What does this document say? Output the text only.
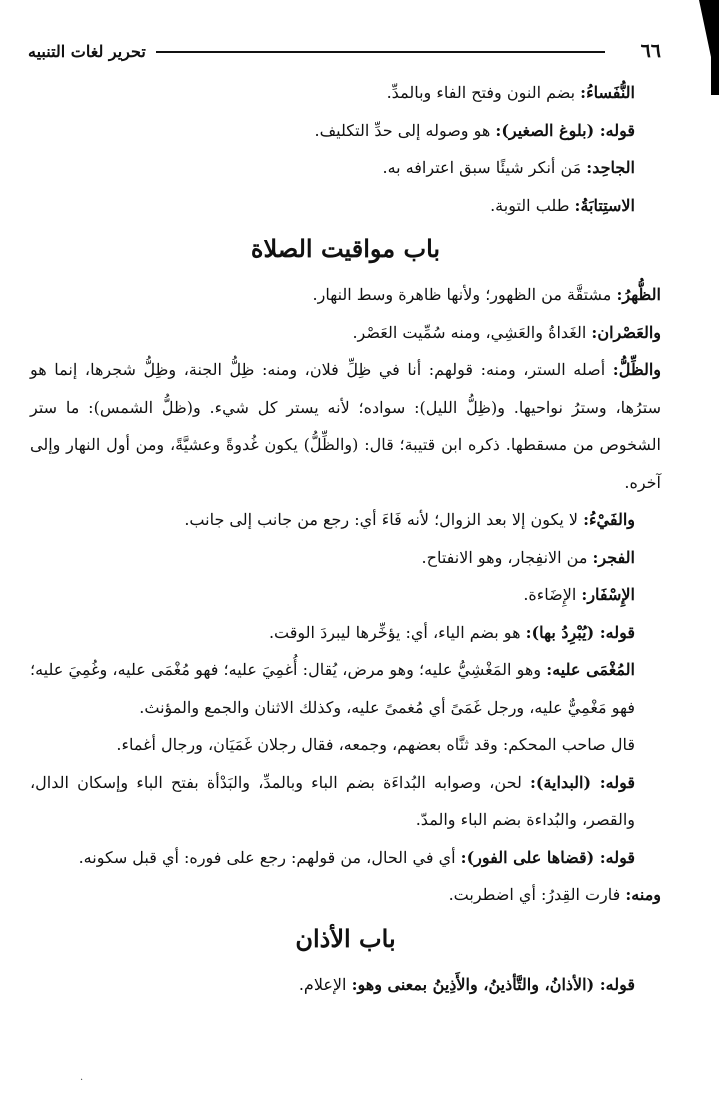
٦٦
تحرير لغات التنبيه

النُّفَساءُ: بضم النون وفتح الفاء وبالمدِّ.

قوله: (بلوغ الصغير): هو وصوله إلى حدِّ التكليف.

الجاحِد: مَن أنكر شيئًا سبق اعترافه به.

الاستِتابَةُ: طلب التوبة.

باب مواقيت الصلاة

الظُّهرُ: مشتقَّة من الظهور؛ ولأنها ظاهرة وسط النهار.

والعَصْران: الغَداةُ والعَشِي، ومنه سُمِّيت العَصْر.

والظِّلُّ: أصله الستر، ومنه: قولهم: أنا في ظِلِّ فلان، ومنه: ظِلُّ الجنة، وظِلُّ شجرها، إنما هو سترُها، وسترُ نواحيها. و(ظِلُّ الليل): سواده؛ لأنه يستر كل شيء. و(ظلُّ الشمس): ما ستر الشخوص من مسقطها. ذكره ابن قتيبة؛ قال: (والظِّلُّ) يكون غُدوةً وعشيَّةً، ومن أول النهار وإلى آخره.

والفَيْءُ: لا يكون إلا بعد الزوال؛ لأنه فَاءَ أي: رجع من جانب إلى جانب.

الفجر: من الانفِجار، وهو الانفتاح.

الإِسْفَار: الإِضَاءة.

قوله: (يُبْرِدُ بها): هو بضم الياء، أي: يؤخِّرها ليبردَ الوقت.

المُغْمَى عليه: وهو المَغْشِيُّ عليه؛ وهو مرض، يُقال: أُغمِيَ عليه؛ فهو مُغْمَى عليه، وغُمِيَ عليه؛ فهو مَغْمِيٌّ عليه، ورجل غَمَىً أي مُغمىً عليه، وكذلك الاثنان والجمع والمؤنث.

قال صاحب المحكم: وقد ثنَّاه بعضهم، وجمعه، فقال رجلان غَمَيَان، ورجال أغماء.

قوله: (البداية): لحن، وصوابه البُداءَة بضم الباء وبالمدِّ، والبَدْأة بفتح الباء وإسكان الدال، والقصر، والبُداءة بضم الباء والمدّ.

قوله: (قضاها على الفور): أي في الحال، من قولهم: رجع على فوره: أي قبل سكونه.

ومنه: فارت القِدرُ: أي اضطربت.

باب الأذان

قوله: (الأذانُ، والتَّأذينُ، والأَذِينُ بمعنى وهو: الإعلام.

·
